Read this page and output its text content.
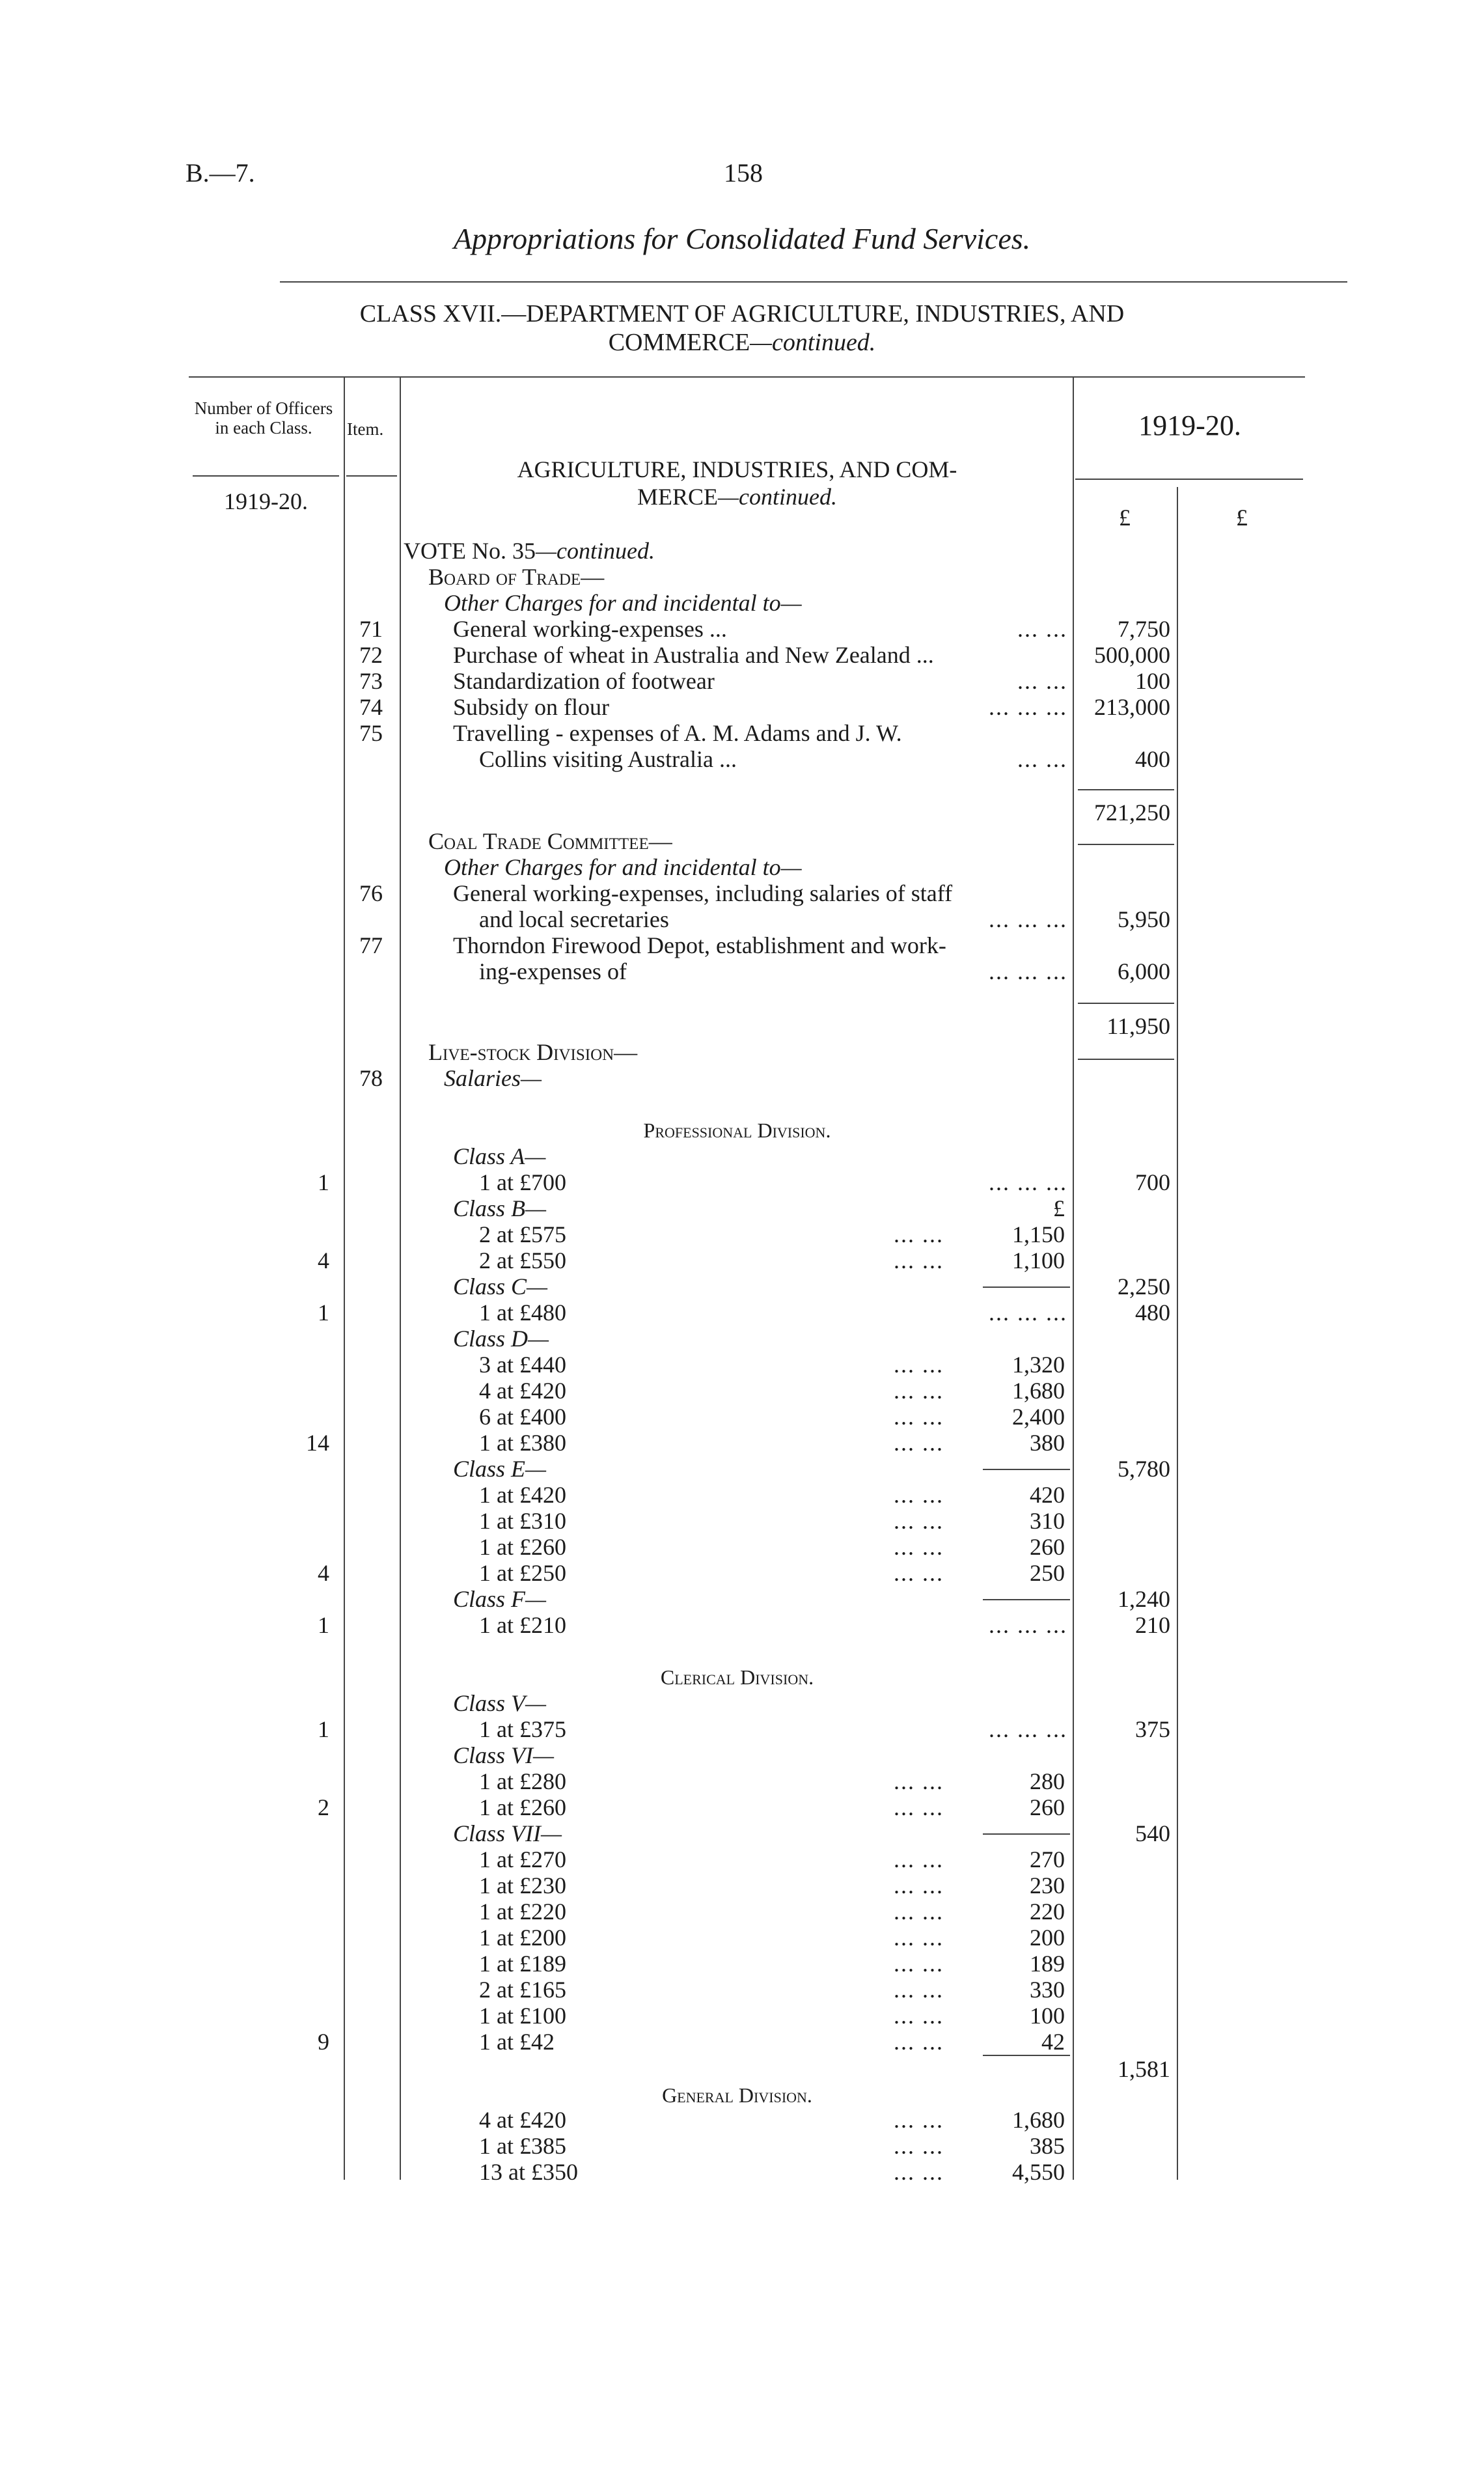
B.—7.	158
Appropriations for Consolidated Fund Services.
CLASS XVII.—DEPARTMENT OF AGRICULTURE, INDUSTRIES, AND
COMMERCE—continued.
Number of Officers in each Class.
1919-20.
Item.	1919-20.
£	£
AGRICULTURE, INDUSTRIES, AND COM-
MERCE—continued.
VOTE No. 35—continued.
Board of Trade—
Other Charges for and incidental to—
71	General working-expenses ...	... ...	7,750
72	Purchase of wheat in Australia and New Zealand ...	500,000
73	Standardization of footwear	... ...	100
74	Subsidy on flour	... ... ...	213,000
75	Travelling - expenses of A. M. Adams and J. W.
Collins visiting Australia ...	... ...	400
721,250
Coal Trade Committee—
Other Charges for and incidental to—
76	General working-expenses, including salaries of staff
and local secretaries	... ... ...	5,950
77	Thorndon Firewood Depot, establishment and work-
ing-expenses of	... ... ...	6,000
11,950
Live-stock Division—
78	Salaries—
Professional Division.
Class A—
1	1 at £700	... ... ...	700
Class B—	£
2 at £575	... ...	1,150
4	2 at £550	... ...	1,100
Class C—	2,250
1	1 at £480	... ... ...	480
Class D—
3 at £440	... ...	1,320
4 at £420	... ...	1,680
6 at £400	... ...	2,400
14	1 at £380	... ...	380
Class E—	5,780
1 at £420	... ...	420
1 at £310	... ...	310
1 at £260	... ...	260
4	1 at £250	... ...	250
Class F—	1,240
1	1 at £210	... ... ...	210
Clerical Division.
Class V—
1	1 at £375	... ... ...	375
Class VI—
1 at £280	... ...	280
2	1 at £260	... ...	260
Class VII—	540
1 at £270	... ...	270
1 at £230	... ...	230
1 at £220	... ...	220
1 at £200	... ...	200
1 at £189	... ...	189
2 at £165	... ...	330
1 at £100	... ...	100
9	1 at £42	... ...	42
1,581
General Division.
4 at £420	... ...	1,680
1 at £385	... ...	385
13 at £350	... ...	4,550
